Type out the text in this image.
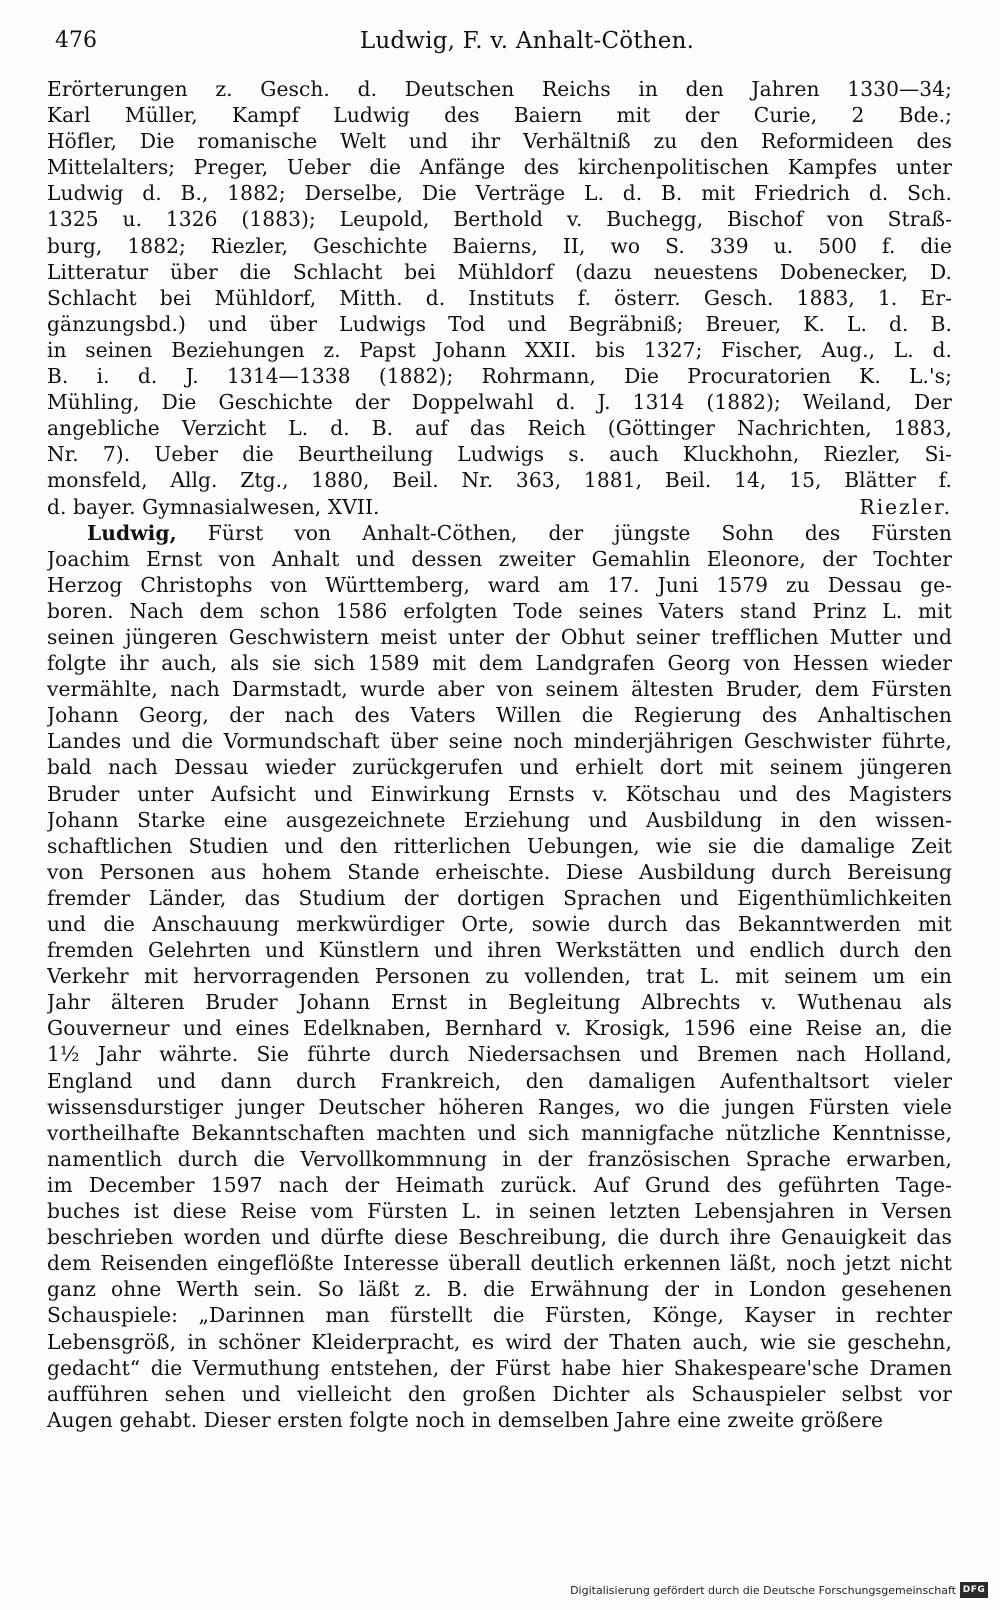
476	Ludwig, F. v. Anhalt-Cöthen.
Erörterungen z. Gesch. d. Deutschen Reichs in den Jahren 1330—34;
Karl Müller, Kampf Ludwig des Baiern mit der Curie, 2 Bde.;
Höfler, Die romanische Welt und ihr Verhältniß zu den Reformideen des
Mittelalters; Preger, Ueber die Anfänge des kirchenpolitischen Kampfes unter
Ludwig d. B., 1882; Derselbe, Die Verträge L. d. B. mit Friedrich d. Sch.
1325 u. 1326 (1883); Leupold, Berthold v. Buchegg, Bischof von Straß-
burg, 1882; Riezler, Geschichte Baierns, II, wo S. 339 u. 500 f. die
Litteratur über die Schlacht bei Mühldorf (dazu neuestens Dobenecker, D.
Schlacht bei Mühldorf, Mitth. d. Instituts f. österr. Gesch. 1883, 1. Er-
gänzungsbd.) und über Ludwigs Tod und Begräbniß; Breuer, K. L. d. B.
in seinen Beziehungen z. Papst Johann XXII. bis 1327; Fischer, Aug., L. d.
B. i. d. J. 1314—1338 (1882); Rohrmann, Die Procuratorien K. L.'s;
Mühling, Die Geschichte der Doppelwahl d. J. 1314 (1882); Weiland, Der
angebliche Verzicht L. d. B. auf das Reich (Göttinger Nachrichten, 1883,
Nr. 7). Ueber die Beurtheilung Ludwigs s. auch Kluckhohn, Riezler, Si-
monsfeld, Allg. Ztg., 1880, Beil. Nr. 363, 1881, Beil. 14, 15, Blätter f.
d. bayer. Gymnasialwesen, XVII.	Riezler.
Ludwig, Fürst von Anhalt-Cöthen, der jüngste Sohn des Fürsten
Joachim Ernst von Anhalt und dessen zweiter Gemahlin Eleonore, der Tochter
Herzog Christophs von Württemberg, ward am 17. Juni 1579 zu Dessau ge-
boren. Nach dem schon 1586 erfolgten Tode seines Vaters stand Prinz L. mit
seinen jüngeren Geschwistern meist unter der Obhut seiner trefflichen Mutter und
folgte ihr auch, als sie sich 1589 mit dem Landgrafen Georg von Hessen wieder
vermählte, nach Darmstadt, wurde aber von seinem ältesten Bruder, dem Fürsten
Johann Georg, der nach des Vaters Willen die Regierung des Anhaltischen
Landes und die Vormundschaft über seine noch minderjährigen Geschwister führte,
bald nach Dessau wieder zurückgerufen und erhielt dort mit seinem jüngeren
Bruder unter Aufsicht und Einwirkung Ernsts v. Kötschau und des Magisters
Johann Starke eine ausgezeichnete Erziehung und Ausbildung in den wissen-
schaftlichen Studien und den ritterlichen Uebungen, wie sie die damalige Zeit
von Personen aus hohem Stande erheischte. Diese Ausbildung durch Bereisung
fremder Länder, das Studium der dortigen Sprachen und Eigenthümlichkeiten
und die Anschauung merkwürdiger Orte, sowie durch das Bekanntwerden mit
fremden Gelehrten und Künstlern und ihren Werkstätten und endlich durch den
Verkehr mit hervorragenden Personen zu vollenden, trat L. mit seinem um ein
Jahr älteren Bruder Johann Ernst in Begleitung Albrechts v. Wuthenau als
Gouverneur und eines Edelknaben, Bernhard v. Krosigk, 1596 eine Reise an, die
1½ Jahr währte. Sie führte durch Niedersachsen und Bremen nach Holland,
England und dann durch Frankreich, den damaligen Aufenthaltsort vieler
wissensdurstiger junger Deutscher höheren Ranges, wo die jungen Fürsten viele
vortheilhafte Bekanntschaften machten und sich mannigfache nützliche Kenntnisse,
namentlich durch die Vervollkommnung in der französischen Sprache erwarben,
im December 1597 nach der Heimath zurück. Auf Grund des geführten Tage-
buches ist diese Reise vom Fürsten L. in seinen letzten Lebensjahren in Versen
beschrieben worden und dürfte diese Beschreibung, die durch ihre Genauigkeit das
dem Reisenden eingeflößte Interesse überall deutlich erkennen läßt, noch jetzt nicht
ganz ohne Werth sein. So läßt z. B. die Erwähnung der in London gesehenen
Schauspiele: „Darinnen man fürstellt die Fürsten, Könge, Kayser in rechter
Lebensgröß, in schöner Kleiderpracht, es wird der Thaten auch, wie sie geschehn,
gedacht“ die Vermuthung entstehen, der Fürst habe hier Shakespeare'sche Dramen
aufführen sehen und vielleicht den großen Dichter als Schauspieler selbst vor
Augen gehabt. Dieser ersten folgte noch in demselben Jahre eine zweite größere
Digitalisierung gefördert durch die Deutsche Forschungsgemeinschaft DFG
